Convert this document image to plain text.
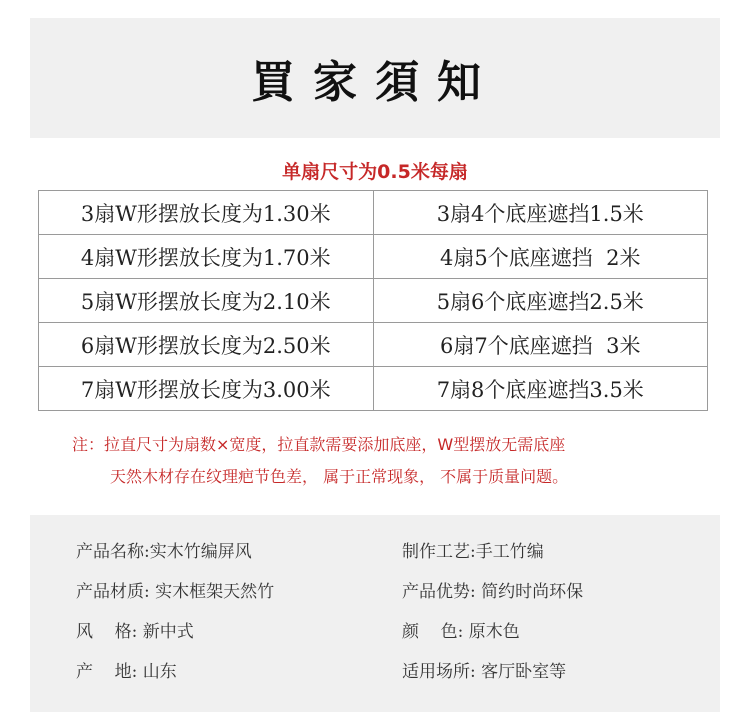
買家須知
单扇尺寸为0.5米每扇
3扇W形摆放长度为1.30米	3扇4个底座遮挡1.5米
4扇W形摆放长度为1.70米	4扇5个底座遮挡  2米
5扇W形摆放长度为2.10米	5扇6个底座遮挡2.5米
6扇W形摆放长度为2.50米	6扇7个底座遮挡  3米
7扇W形摆放长度为3.00米	7扇8个底座遮挡3.5米
注：拉直尺寸为扇数×宽度，拉直款需要添加底座，W型摆放无需底座
天然木材存在纹理疤节色差， 属于正常现象， 不属于质量问题。
产品名称: 实木竹编屏风	制作工艺: 手工竹编
产品材质: 实木框架天然竹	产品优势: 简约时尚环保
风    格: 新中式	颜    色: 原木色
产    地: 山东	适用场所: 客厅卧室等
